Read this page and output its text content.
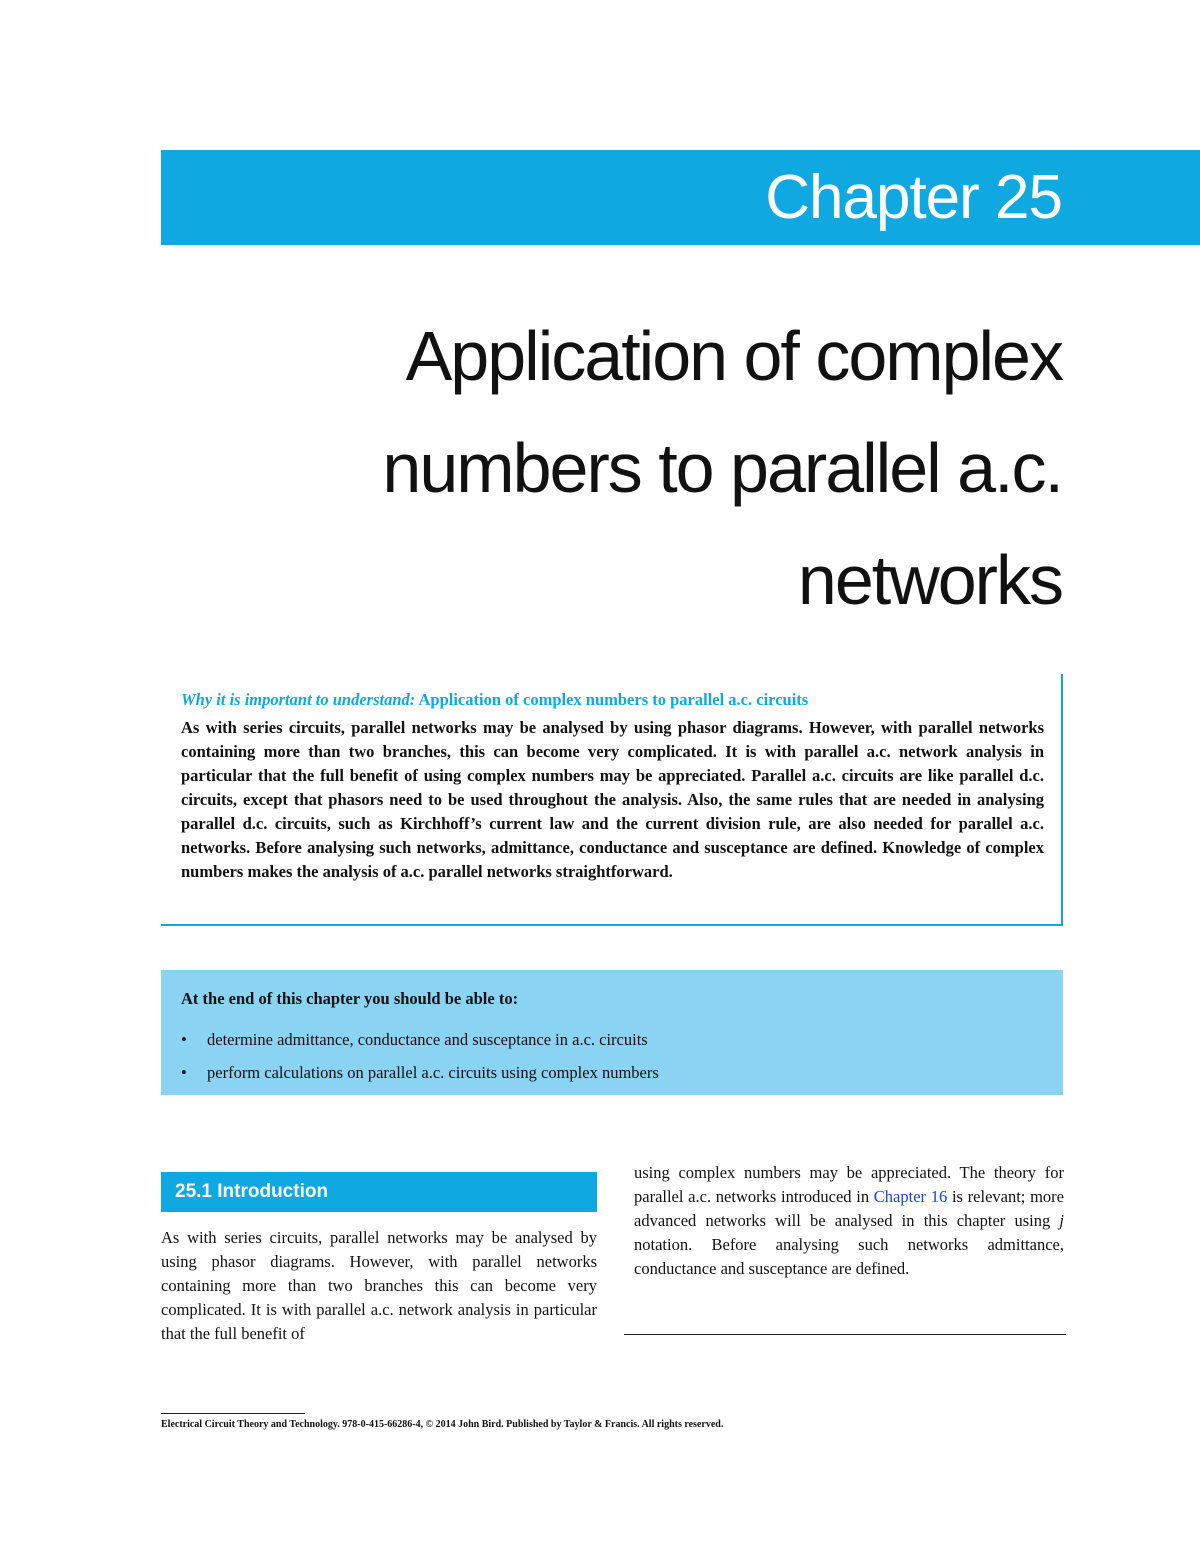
Chapter 25
Application of complex
numbers to parallel a.c.
networks
Why it is important to understand: Application of complex numbers to parallel a.c. circuits
As with series circuits, parallel networks may be analysed by using phasor diagrams. However, with parallel networks containing more than two branches, this can become very complicated. It is with parallel a.c. network analysis in particular that the full benefit of using complex numbers may be appreciated. Parallel a.c. circuits are like parallel d.c. circuits, except that phasors need to be used throughout the analysis. Also, the same rules that are needed in analysing parallel d.c. circuits, such as Kirchhoff’s current law and the current division rule, are also needed for parallel a.c. networks. Before analysing such networks, admittance, conductance and susceptance are defined. Knowledge of complex numbers makes the analysis of a.c. parallel networks straightforward.
At the end of this chapter you should be able to:
• determine admittance, conductance and susceptance in a.c. circuits
• perform calculations on parallel a.c. circuits using complex numbers
25.1 Introduction
As with series circuits, parallel networks may be analysed by using phasor diagrams. However, with parallel networks containing more than two branches this can become very complicated. It is with parallel a.c. network analysis in particular that the full benefit of
using complex numbers may be appreciated. The theory for parallel a.c. networks introduced in Chapter 16 is relevant; more advanced networks will be analysed in this chapter using j notation. Before analysing such networks admittance, conductance and susceptance are defined.
Electrical Circuit Theory and Technology. 978-0-415-66286-4, © 2014 John Bird. Published by Taylor & Francis. All rights reserved.
